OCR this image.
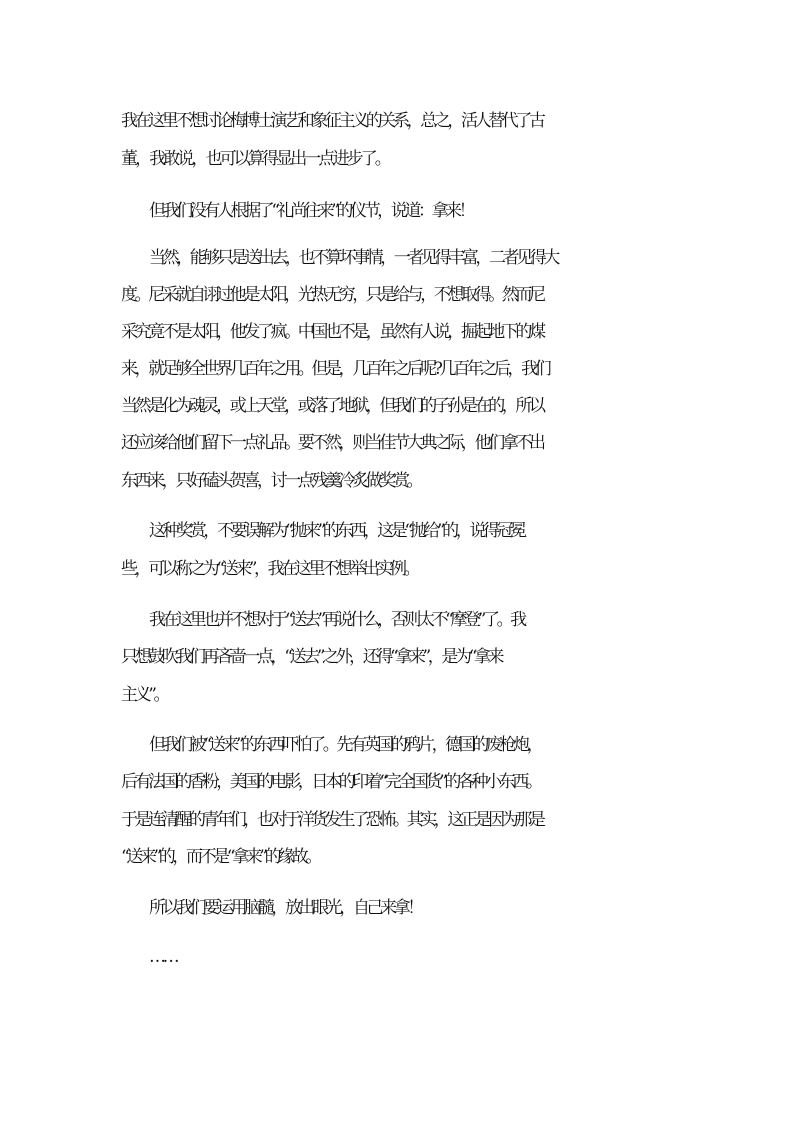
我在这里不想讨论梅博士演艺和象征主义的关系，总之，活人替代了古
董，我敢说，也可以算得显出一点进步了。
但我们没有人根据了“礼尚往来”的仪节，说道：拿来！
当然，能够只是送出去，也不算坏事情，一者见得丰富，二者见得大
度。尼采就自诩过他是太阳，光热无穷，只是给与，不想取得。然而尼
采究竟不是太阳，他发了疯。中国也不是，虽然有人说，掘起地下的煤
来，就足够全世界几百年之用。但是，几百年之后呢?几百年之后，我们
当然是化为魂灵，或上天堂，或落了地狱，但我们的子孙是在的，所以
还应该给他们留下一点礼品。要不然，则当佳节大典之际，他们拿不出
东西来，只好磕头贺喜，讨一点残羹冷炙做奖赏。
这种奖赏，不要误解为“抛来”的东西，这是“抛给”的，说得冠冕
些，可以称之为“送来”，我在这里不想举出实例。
我在这里也并不想对于“送去”再说什么，否则太不“摩登”了。我
只想鼓吹我们再吝啬一点，“送去”之外，还得“拿来”，是为“拿来
主义”。
但我们被“送来”的东西吓怕了。先有英国的鸦片，德国的废枪炮，
后有法国的香粉，美国的电影，日本的印着“完全国货”的各种小东西。
于是连清醒的青年们，也对于洋货发生了恐怖。其实，这正是因为那是
“送来”的，而不是“拿来”的缘故。
所以我们要运用脑髓，放出眼光，自己来拿！
……
